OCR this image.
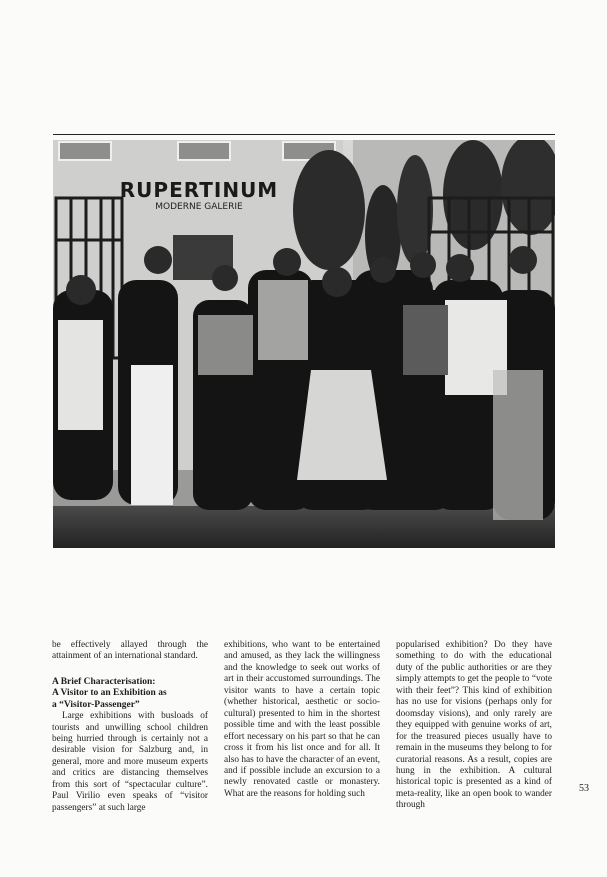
RUPERTINUM
MODERNE GALERIE

be effectively allayed through the attainment of an international standard.

A Brief Characterisation:
A Visitor to an Exhibition as
a “Visitor-Passenger”

Large exhibitions with busloads of tourists and unwilling school children being hurried through is certainly not a desirable vision for Salzburg and, in general, more and more museum experts and critics are distancing themselves from this sort of “spectacular culture”. Paul Virilio even speaks of “visitor passengers” at such large

exhibitions, who want to be entertained and amused, as they lack the willingness and the knowledge to seek out works of art in their accustomed surroundings. The visitor wants to have a certain topic (whether historical, aesthetic or socio-cultural) presented to him in the shortest possible time and with the least possible effort necessary on his part so that he can cross it from his list once and for all. It also has to have the character of an event, and if possible include an excursion to a newly renovated castle or monastery. What are the reasons for holding such

popularised exhibition? Do they have something to do with the educational duty of the public authorities or are they simply attempts to get the people to “vote with their feet”? This kind of exhibition has no use for visions (perhaps only for doomsday visions), and only rarely are they equipped with genuine works of art, for the treasured pieces usually have to remain in the museums they belong to for curatorial reasons. As a result, copies are hung in the exhibition. A cultural historical topic is presented as a kind of meta-reality, like an open book to wander through

53
